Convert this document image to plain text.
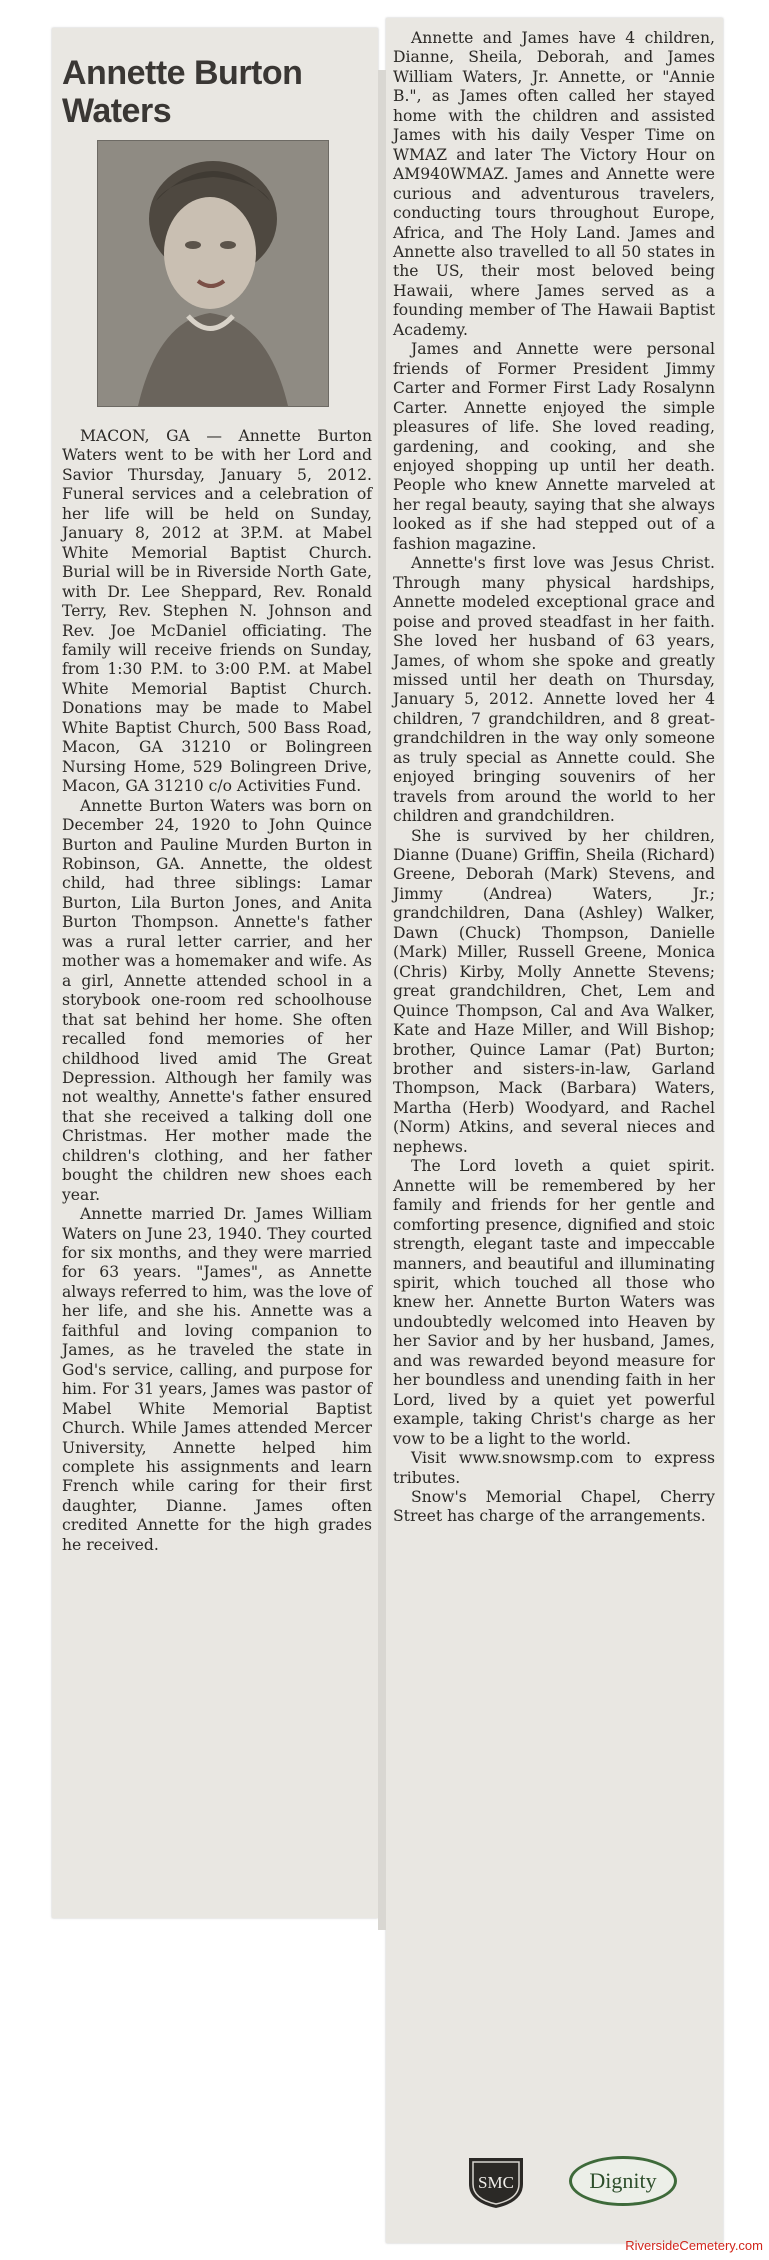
Annette Burton Waters

MACON, GA — Annette Burton Waters went to be with her Lord and Savior Thursday, January 5, 2012. Funeral services and a celebration of her life will be held on Sunday, January 8, 2012 at 3P.M. at Mabel White Memorial Baptist Church. Burial will be in Riverside North Gate, with Dr. Lee Sheppard, Rev. Ronald Terry, Rev. Stephen N. Johnson and Rev. Joe McDaniel officiating. The family will receive friends on Sunday, from 1:30 P.M. to 3:00 P.M. at Mabel White Memorial Baptist Church. Donations may be made to Mabel White Baptist Church, 500 Bass Road, Macon, GA 31210 or Bolingreen Nursing Home, 529 Bolingreen Drive, Macon, GA 31210 c/o Activities Fund.

Annette Burton Waters was born on December 24, 1920 to John Quince Burton and Pauline Murden Burton in Robinson, GA. Annette, the oldest child, had three siblings: Lamar Burton, Lila Burton Jones, and Anita Burton Thompson. Annette's father was a rural letter carrier, and her mother was a homemaker and wife. As a girl, Annette attended school in a storybook one-room red schoolhouse that sat behind her home. She often recalled fond memories of her childhood lived amid The Great Depression. Although her family was not wealthy, Annette's father ensured that she received a talking doll one Christmas. Her mother made the children's clothing, and her father bought the children new shoes each year.

Annette married Dr. James William Waters on June 23, 1940. They courted for six months, and they were married for 63 years. "James", as Annette always referred to him, was the love of her life, and she his. Annette was a faithful and loving companion to James, as he traveled the state in God's service, calling, and purpose for him. For 31 years, James was pastor of Mabel White Memorial Baptist Church. While James attended Mercer University, Annette helped him complete his assignments and learn French while caring for their first daughter, Dianne. James often credited Annette for the high grades he received.

Annette and James have 4 children, Dianne, Sheila, Deborah, and James William Waters, Jr. Annette, or "Annie B.", as James often called her stayed home with the children and assisted James with his daily Vesper Time on WMAZ and later The Victory Hour on AM940WMAZ. James and Annette were curious and adventurous travelers, conducting tours throughout Europe, Africa, and The Holy Land. James and Annette also travelled to all 50 states in the US, their most beloved being Hawaii, where James served as a founding member of The Hawaii Baptist Academy.

James and Annette were personal friends of Former President Jimmy Carter and Former First Lady Rosalynn Carter. Annette enjoyed the simple pleasures of life. She loved reading, gardening, and cooking, and she enjoyed shopping up until her death. People who knew Annette marveled at her regal beauty, saying that she always looked as if she had stepped out of a fashion magazine.

Annette's first love was Jesus Christ. Through many physical hardships, Annette modeled exceptional grace and poise and proved steadfast in her faith. She loved her husband of 63 years, James, of whom she spoke and greatly missed until her death on Thursday, January 5, 2012. Annette loved her 4 children, 7 grandchildren, and 8 great-grandchildren in the way only someone as truly special as Annette could. She enjoyed bringing souvenirs of her travels from around the world to her children and grandchildren.

She is survived by her children, Dianne (Duane) Griffin, Sheila (Richard) Greene, Deborah (Mark) Stevens, and Jimmy (Andrea) Waters, Jr.; grandchildren, Dana (Ashley) Walker, Dawn (Chuck) Thompson, Danielle (Mark) Miller, Russell Greene, Monica (Chris) Kirby, Molly Annette Stevens; great grandchildren, Chet, Lem and Quince Thompson, Cal and Ava Walker, Kate and Haze Miller, and Will Bishop; brother, Quince Lamar (Pat) Burton; brother and sisters-in-law, Garland Thompson, Mack (Barbara) Waters, Martha (Herb) Woodyard, and Rachel (Norm) Atkins, and several nieces and nephews.

The Lord loveth a quiet spirit. Annette will be remembered by her family and friends for her gentle and comforting presence, dignified and stoic strength, elegant taste and impeccable manners, and beautiful and illuminating spirit, which touched all those who knew her. Annette Burton Waters was undoubtedly welcomed into Heaven by her Savior and by her husband, James, and was rewarded beyond measure for her boundless and unending faith in her Lord, lived by a quiet yet powerful example, taking Christ's charge as her vow to be a light to the world.

Visit www.snowsmp.com to express tributes.

Snow's Memorial Chapel, Cherry Street has charge of the arrangements.

SMC	Dignity
RiversideCemetery.com
